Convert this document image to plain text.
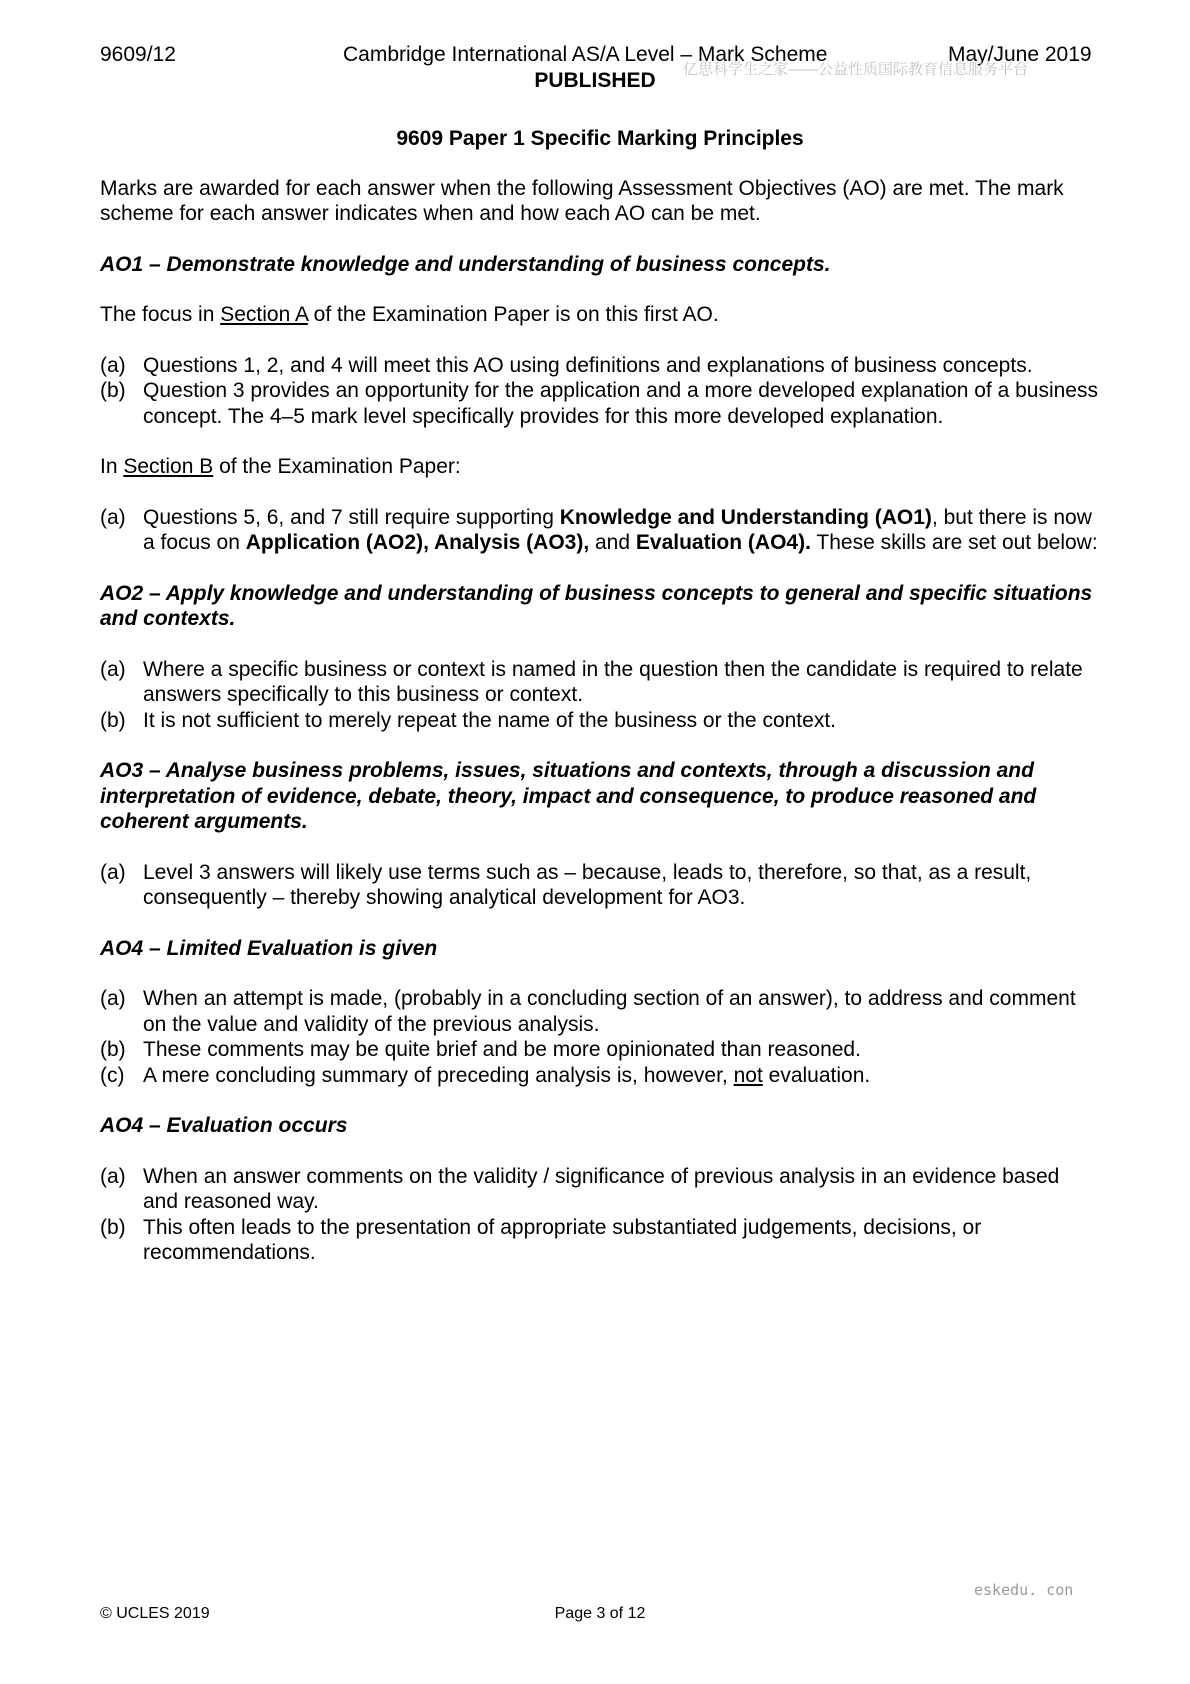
9609/12	Cambridge International AS/A Level – Mark Scheme	May/June 2019
亿思科学生之家——公益性质国际教育信息服务平台
PUBLISHED
9609 Paper 1 Specific Marking Principles

Marks are awarded for each answer when the following Assessment Objectives (AO) are met. The mark scheme for each answer indicates when and how each AO can be met.

AO1 – Demonstrate knowledge and understanding of business concepts.

The focus in Section A of the Examination Paper is on this first AO.

(a) Questions 1, 2, and 4 will meet this AO using definitions and explanations of business concepts.
(b) Question 3 provides an opportunity for the application and a more developed explanation of a business concept. The 4–5 mark level specifically provides for this more developed explanation.

In Section B of the Examination Paper:

(a) Questions 5, 6, and 7 still require supporting Knowledge and Understanding (AO1), but there is now a focus on Application (AO2), Analysis (AO3), and Evaluation (AO4). These skills are set out below:
AO2 – Apply knowledge and understanding of business concepts to general and specific situations and contexts.
(a) Where a specific business or context is named in the question then the candidate is required to relate answers specifically to this business or context.
(b) It is not sufficient to merely repeat the name of the business or the context.
AO3 – Analyse business problems, issues, situations and contexts, through a discussion and interpretation of evidence, debate, theory, impact and consequence, to produce reasoned and coherent arguments.
(a) Level 3 answers will likely use terms such as – because, leads to, therefore, so that, as a result, consequently – thereby showing analytical development for AO3.
AO4 – Limited Evaluation is given
(a) When an attempt is made, (probably in a concluding section of an answer), to address and comment on the value and validity of the previous analysis.
(b) These comments may be quite brief and be more opinionated than reasoned.
(c) A mere concluding summary of preceding analysis is, however, not evaluation.
AO4 – Evaluation occurs
(a) When an answer comments on the validity / significance of previous analysis in an evidence based and reasoned way.
(b) This often leads to the presentation of appropriate substantiated judgements, decisions, or recommendations.
eskedu. con
© UCLES 2019	Page 3 of 12
